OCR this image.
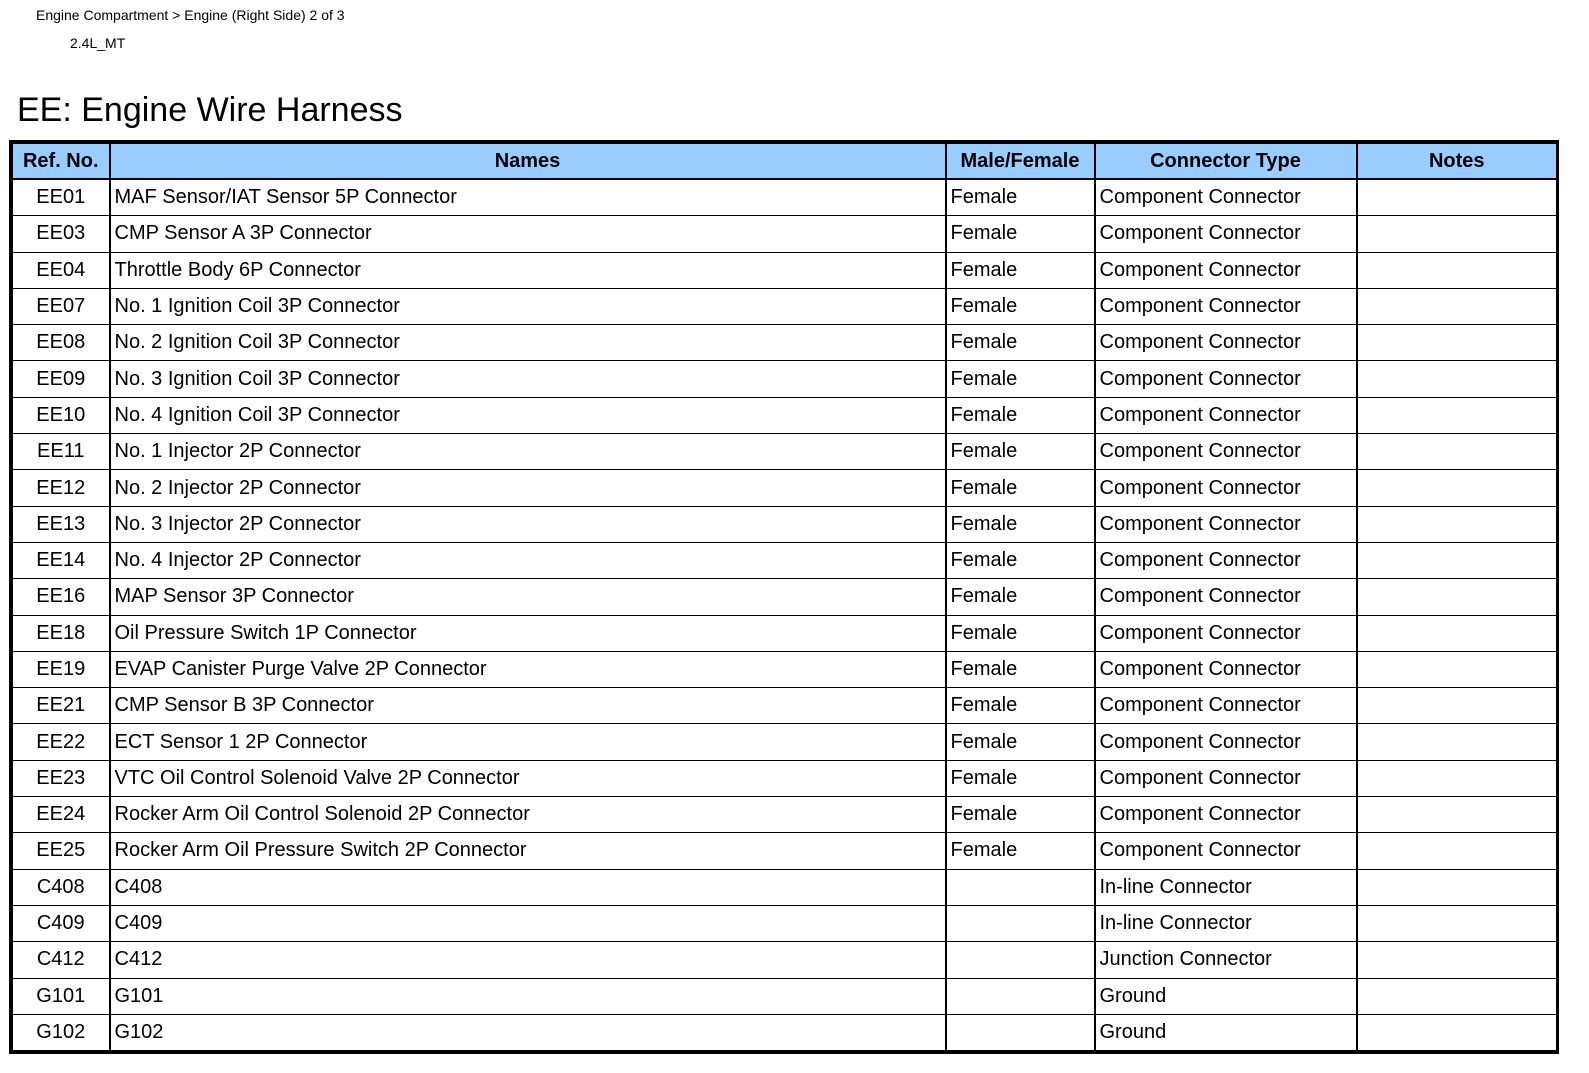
Engine Compartment > Engine (Right Side) 2 of 3
2.4L_MT
EE: Engine Wire Harness
Ref. No.	Names	Male/Female	Connector Type	Notes
EE01	MAF Sensor/IAT Sensor 5P Connector	Female	Component Connector	
EE03	CMP Sensor A 3P Connector	Female	Component Connector	
EE04	Throttle Body 6P Connector	Female	Component Connector	
EE07	No. 1 Ignition Coil 3P Connector	Female	Component Connector	
EE08	No. 2 Ignition Coil 3P Connector	Female	Component Connector	
EE09	No. 3 Ignition Coil 3P Connector	Female	Component Connector	
EE10	No. 4 Ignition Coil 3P Connector	Female	Component Connector	
EE11	No. 1 Injector 2P Connector	Female	Component Connector	
EE12	No. 2 Injector 2P Connector	Female	Component Connector	
EE13	No. 3 Injector 2P Connector	Female	Component Connector	
EE14	No. 4 Injector 2P Connector	Female	Component Connector	
EE16	MAP Sensor 3P Connector	Female	Component Connector	
EE18	Oil Pressure Switch 1P Connector	Female	Component Connector	
EE19	EVAP Canister Purge Valve 2P Connector	Female	Component Connector	
EE21	CMP Sensor B 3P Connector	Female	Component Connector	
EE22	ECT Sensor 1 2P Connector	Female	Component Connector	
EE23	VTC Oil Control Solenoid Valve 2P Connector	Female	Component Connector	
EE24	Rocker Arm Oil Control Solenoid 2P Connector	Female	Component Connector	
EE25	Rocker Arm Oil Pressure Switch 2P Connector	Female	Component Connector	
C408	C408		In-line Connector	
C409	C409		In-line Connector	
C412	C412		Junction Connector	
G101	G101		Ground	
G102	G102		Ground	
